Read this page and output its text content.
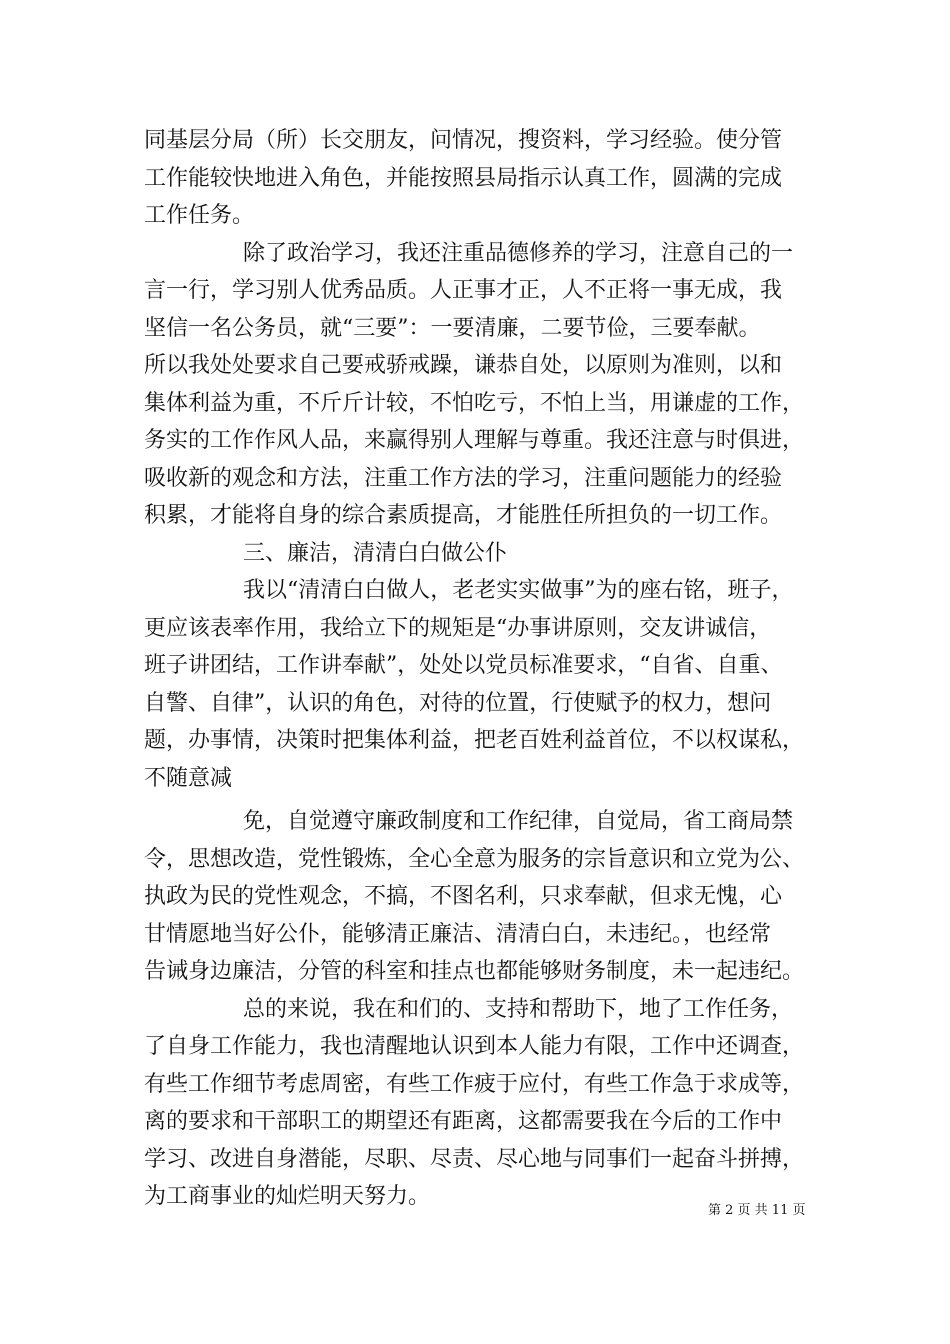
同基层分局（所）长交朋友，问情况，搜资料，学习经验。使分管
工作能较快地进入角色，并能按照县局指示认真工作，圆满的完成
工作任务。
除了政治学习，我还注重品德修养的学习，注意自己的一
言一行，学习别人优秀品质。人正事才正，人不正将一事无成，我
坚信一名公务员，就“三要”：一要清廉，二要节俭，三要奉献。
所以我处处要求自己要戒骄戒躁，谦恭自处，以原则为准则，以和
集体利益为重，不斤斤计较，不怕吃亏，不怕上当，用谦虚的工作，
务实的工作作风人品，来赢得别人理解与尊重。我还注意与时俱进，
吸收新的观念和方法，注重工作方法的学习，注重问题能力的经验
积累，才能将自身的综合素质提高，才能胜任所担负的一切工作。
三、廉洁，清清白白做公仆
我以“清清白白做人，老老实实做事”为的座右铭，班子，
更应该表率作用，我给立下的规矩是“办事讲原则，交友讲诚信，
班子讲团结，工作讲奉献”，处处以党员标准要求，“自省、自重、
自警、自律”，认识的角色，对待的位置，行使赋予的权力，想问
题，办事情，决策时把集体利益，把老百姓利益首位，不以权谋私，
不随意减
免，自觉遵守廉政制度和工作纪律，自觉局，省工商局禁
令，思想改造，党性锻炼，全心全意为服务的宗旨意识和立党为公、
执政为民的党性观念，不搞，不图名利，只求奉献，但求无愧，心
甘情愿地当好公仆，能够清正廉洁、清清白白，未违纪。，也经常
告诫身边廉洁，分管的科室和挂点也都能够财务制度，未一起违纪。
总的来说，我在和们的、支持和帮助下，地了工作任务，
了自身工作能力，我也清醒地认识到本人能力有限，工作中还调查，
有些工作细节考虑周密，有些工作疲于应付，有些工作急于求成等，
离的要求和干部职工的期望还有距离，这都需要我在今后的工作中
学习、改进自身潜能，尽职、尽责、尽心地与同事们一起奋斗拼搏，
为工商事业的灿烂明天努力。
第 2 页 共 11 页
